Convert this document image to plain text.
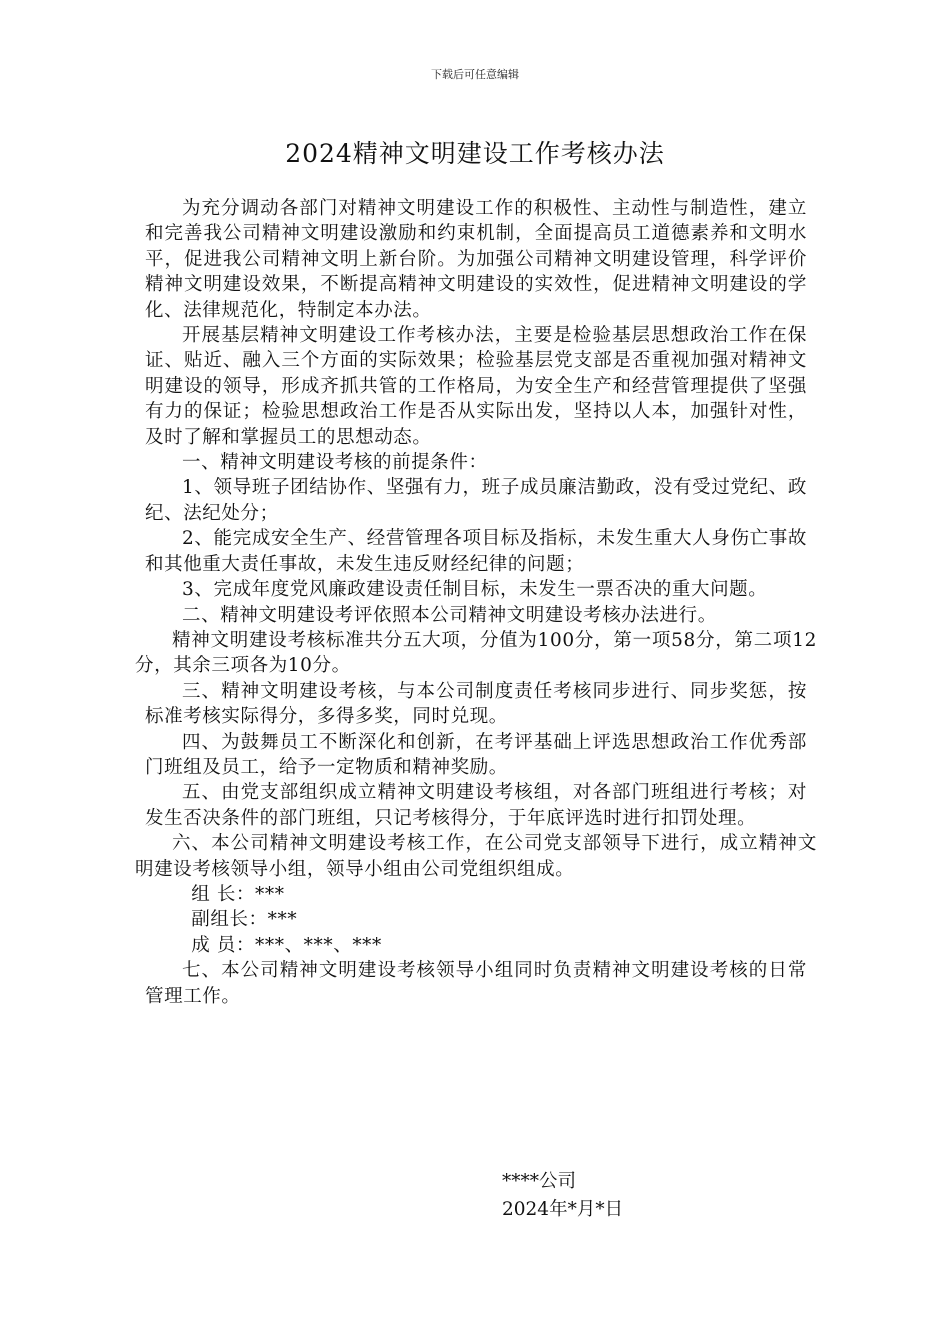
下载后可任意编辑
2024精神文明建设工作考核办法

为充分调动各部门对精神文明建设工作的积极性、主动性与制造性，建立和完善我公司精神文明建设激励和约束机制，全面提高员工道德素养和文明水平，促进我公司精神文明上新台阶。为加强公司精神文明建设管理，科学评价精神文明建设效果，不断提高精神文明建设的实效性，促进精神文明建设的学化、法律规范化，特制定本办法。

开展基层精神文明建设工作考核办法，主要是检验基层思想政治工作在保证、贴近、融入三个方面的实际效果；检验基层党支部是否重视加强对精神文明建设的领导，形成齐抓共管的工作格局，为安全生产和经营管理提供了坚强有力的保证；检验思想政治工作是否从实际出发，坚持以人本，加强针对性，及时了解和掌握员工的思想动态。

一、精神文明建设考核的前提条件：

1、领导班子团结协作、坚强有力，班子成员廉洁勤政，没有受过党纪、政纪、法纪处分；

2、能完成安全生产、经营管理各项目标及指标，未发生重大人身伤亡事故和其他重大责任事故，未发生违反财经纪律的问题；

3、完成年度党风廉政建设责任制目标，未发生一票否决的重大问题。

二、精神文明建设考评依照本公司精神文明建设考核办法进行。

精神文明建设考核标准共分五大项，分值为100分，第一项58分，第二项12分，其余三项各为10分。

三、精神文明建设考核，与本公司制度责任考核同步进行、同步奖惩，按标准考核实际得分，多得多奖，同时兑现。

四、为鼓舞员工不断深化和创新，在考评基础上评选思想政治工作优秀部门班组及员工，给予一定物质和精神奖励。

五、由党支部组织成立精神文明建设考核组，对各部门班组进行考核；对发生否决条件的部门班组，只记考核得分，于年底评选时进行扣罚处理。

六、本公司精神文明建设考核工作，在公司党支部领导下进行，成立精神文明建设考核领导小组，领导小组由公司党组织组成。

组 长：***

副组长：***

成 员：***、***、***

七、本公司精神文明建设考核领导小组同时负责精神文明建设考核的日常管理工作。

****公司
2024年*月*日
